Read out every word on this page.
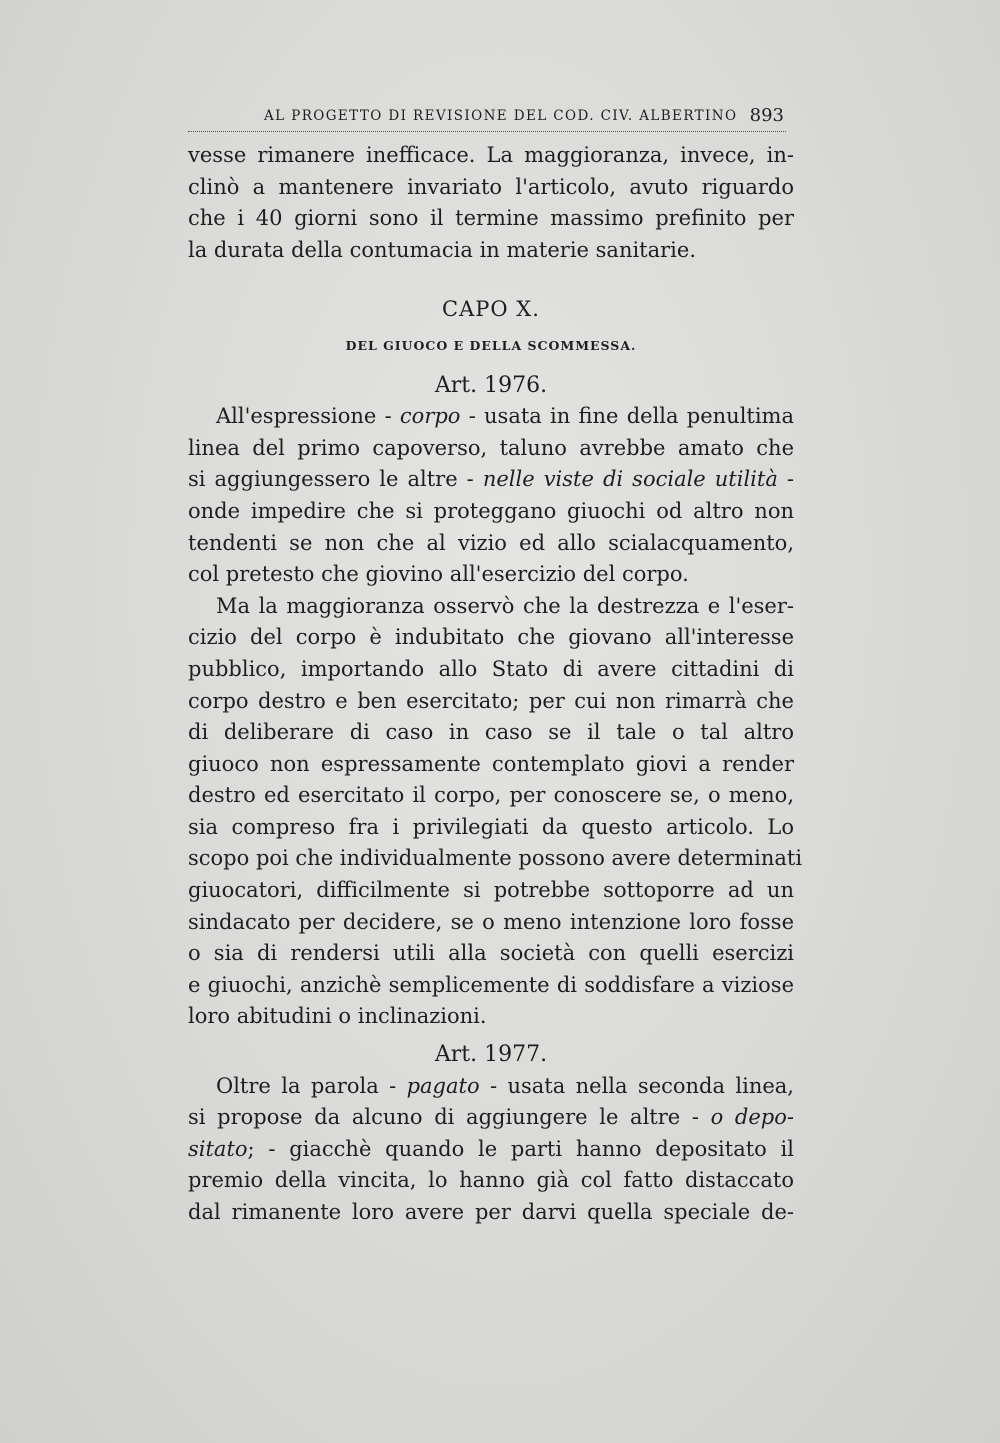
AL PROGETTO DI REVISIONE DEL COD. CIV. ALBERTINO 893
vesse rimanere inefficace. La maggioranza, invece, in-
clinò a mantenere invariato l'articolo, avuto riguardo
che i 40 giorni sono il termine massimo prefinito per
la durata della contumacia in materie sanitarie.
CAPO X.
DEL GIUOCO E DELLA SCOMMESSA.
Art. 1976.
All'espressione - corpo - usata in fine della penultima
linea del primo capoverso, taluno avrebbe amato che
si aggiungessero le altre - nelle viste di sociale utilità -
onde impedire che si proteggano giuochi od altro non
tendenti se non che al vizio ed allo scialacquamento,
col pretesto che giovino all'esercizio del corpo.
Ma la maggioranza osservò che la destrezza e l'eser-
cizio del corpo è indubitato che giovano all'interesse
pubblico, importando allo Stato di avere cittadini di
corpo destro e ben esercitato; per cui non rimarrà che
di deliberare di caso in caso se il tale o tal altro
giuoco non espressamente contemplato giovi a render
destro ed esercitato il corpo, per conoscere se, o meno,
sia compreso fra i privilegiati da questo articolo. Lo
scopo poi che individualmente possono avere determinati
giuocatori, difficilmente si potrebbe sottoporre ad un
sindacato per decidere, se o meno intenzione loro fosse
o sia di rendersi utili alla società con quelli esercizi
e giuochi, anzichè semplicemente di soddisfare a viziose
loro abitudini o inclinazioni.
Art. 1977.
Oltre la parola - pagato - usata nella seconda linea,
si propose da alcuno di aggiungere le altre - o depo-
sitato; - giacchè quando le parti hanno depositato il
premio della vincita, lo hanno già col fatto distaccato
dal rimanente loro avere per darvi quella speciale de-
